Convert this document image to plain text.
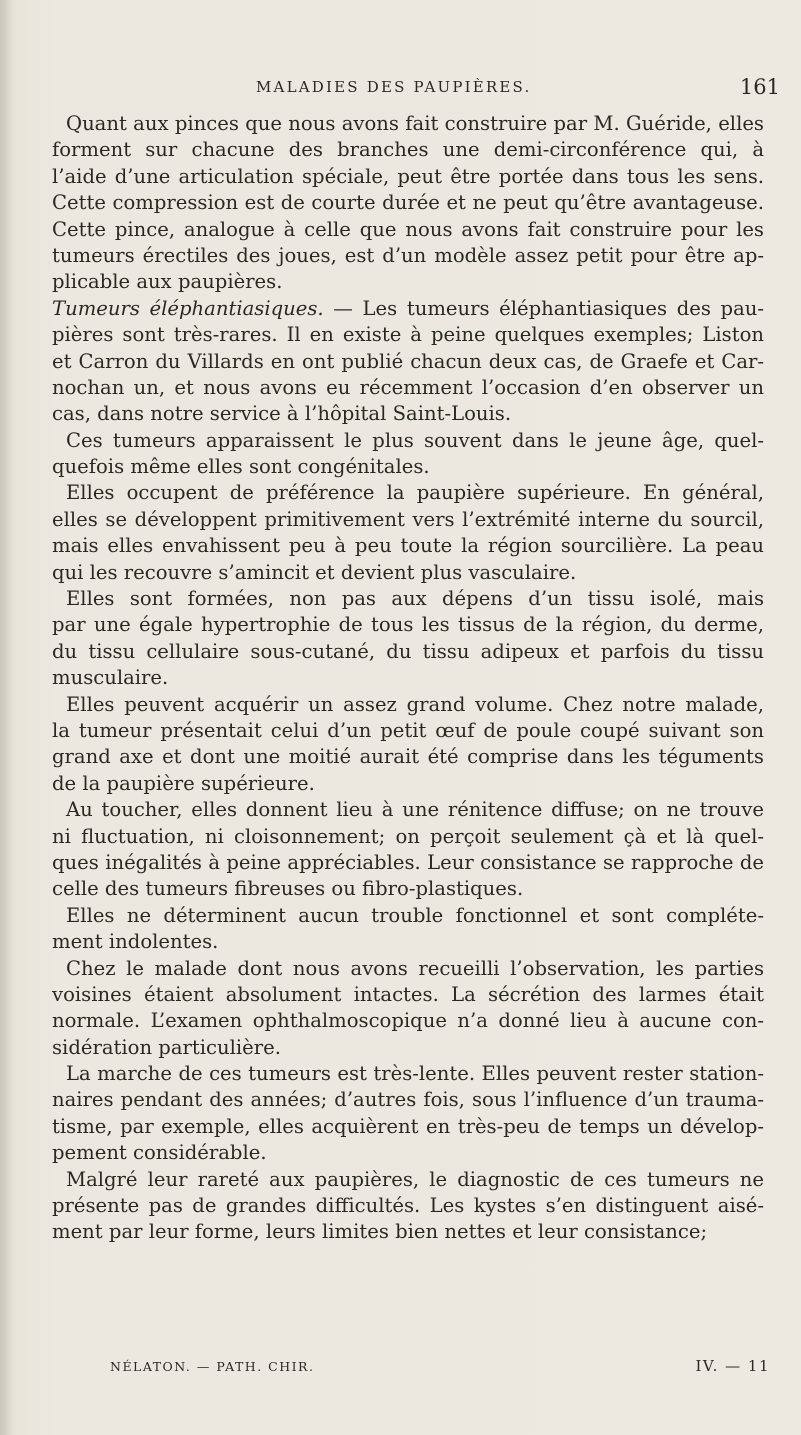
MALADIES DES PAUPIÈRES.	161
Quant aux pinces que nous avons fait construire par M. Guéride, elles
forment sur chacune des branches une demi-circonférence qui, à
l’aide d’une articulation spéciale, peut être portée dans tous les sens.
Cette compression est de courte durée et ne peut qu’être avantageuse.
Cette pince, analogue à celle que nous avons fait construire pour les
tumeurs érectiles des joues, est d’un modèle assez petit pour être ap-
plicable aux paupières.
Tumeurs éléphantiasiques. — Les tumeurs éléphantiasiques des pau-
pières sont très-rares. Il en existe à peine quelques exemples; Liston
et Carron du Villards en ont publié chacun deux cas, de Graefe et Car-
nochan un, et nous avons eu récemment l’occasion d’en observer un
cas, dans notre service à l’hôpital Saint-Louis.
Ces tumeurs apparaissent le plus souvent dans le jeune âge, quel-
quefois même elles sont congénitales.
Elles occupent de préférence la paupière supérieure. En général,
elles se développent primitivement vers l’extrémité interne du sourcil,
mais elles envahissent peu à peu toute la région sourcilière. La peau
qui les recouvre s’amincit et devient plus vasculaire.
Elles sont formées, non pas aux dépens d’un tissu isolé, mais
par une égale hypertrophie de tous les tissus de la région, du derme,
du tissu cellulaire sous-cutané, du tissu adipeux et parfois du tissu
musculaire.
Elles peuvent acquérir un assez grand volume. Chez notre malade,
la tumeur présentait celui d’un petit œuf de poule coupé suivant son
grand axe et dont une moitié aurait été comprise dans les téguments
de la paupière supérieure.
Au toucher, elles donnent lieu à une rénitence diffuse; on ne trouve
ni fluctuation, ni cloisonnement; on perçoit seulement çà et là quel-
ques inégalités à peine appréciables. Leur consistance se rapproche de
celle des tumeurs fibreuses ou fibro-plastiques.
Elles ne déterminent aucun trouble fonctionnel et sont compléte-
ment indolentes.
Chez le malade dont nous avons recueilli l’observation, les parties
voisines étaient absolument intactes. La sécrétion des larmes était
normale. L’examen ophthalmoscopique n’a donné lieu à aucune con-
sidération particulière.
La marche de ces tumeurs est très-lente. Elles peuvent rester station-
naires pendant des années; d’autres fois, sous l’influence d’un trauma-
tisme, par exemple, elles acquièrent en très-peu de temps un dévelop-
pement considérable.
Malgré leur rareté aux paupières, le diagnostic de ces tumeurs ne
présente pas de grandes difficultés. Les kystes s’en distinguent aisé-
ment par leur forme, leurs limites bien nettes et leur consistance;
NÉLATON. — PATH. CHIR.	IV. — 11
